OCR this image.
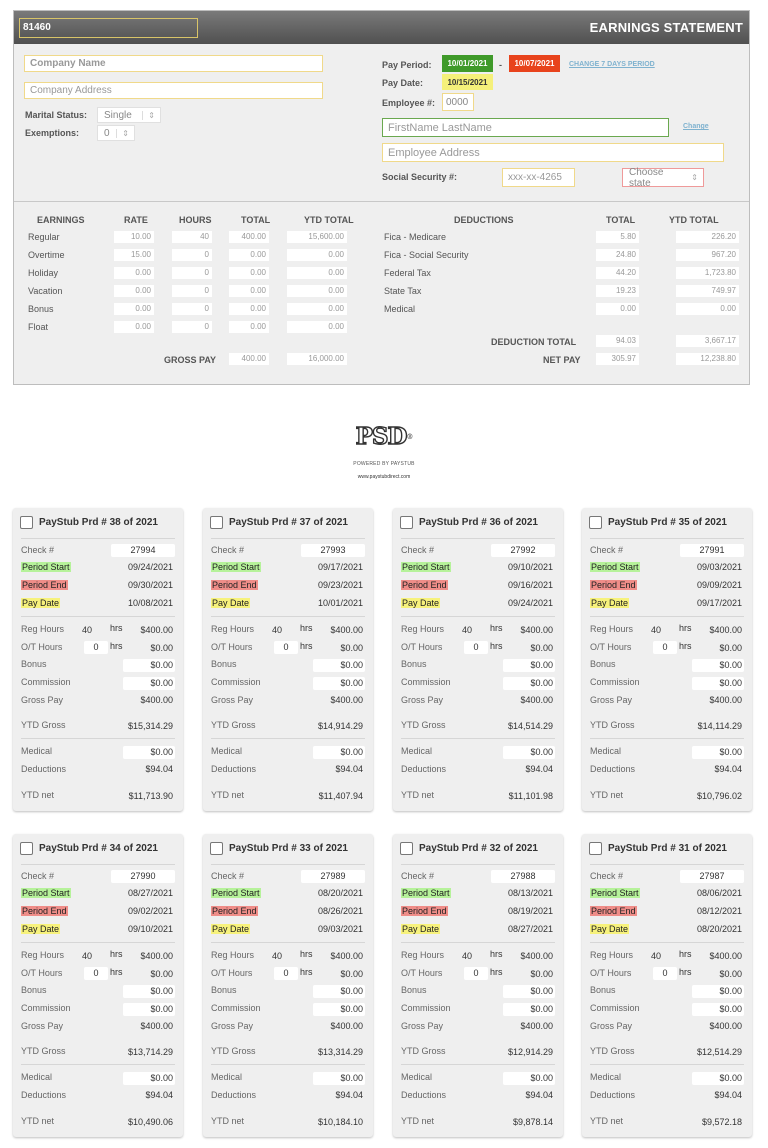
81460	EARNINGS STATEMENT
Company Name
Company Address
Marital Status: Single	⇕
Exemptions: 0	⇕
Pay Period:	10/01/2021	-	10/07/2021	CHANGE 7 DAYS PERIOD
Pay Date:	10/15/2021
Employee #:	0000
FirstName LastName	Change
Employee Address
Social Security #:	xxx-xx-4265	Choose state	⇕
EARNINGS	RATE	HOURS	TOTAL	YTD TOTAL
Regular	10.00	40	400.00	15,600.00
Overtime	15.00	0	0.00	0.00
Holiday	0.00	0	0.00	0.00
Vacation	0.00	0	0.00	0.00
Bonus	0.00	0	0.00	0.00
Float	0.00	0	0.00	0.00
GROSS PAY	400.00	16,000.00
DEDUCTIONS	TOTAL	YTD TOTAL
Fica - Medicare	5.80	226.20
Fica - Social Security	24.80	967.20
Federal Tax	44.20	1,723.80
State Tax	19.23	749.97
Medical	0.00	0.00
DEDUCTION TOTAL	94.03	3,667.17
NET PAY	305.97	12,238.80
PSD®
POWERED BY PAYSTUB
www.paystubdirect.com
PayStub Prd # 38 of 2021
Check #	27994
Period Start	09/24/2021
Period End	09/30/2021
Pay Date	10/08/2021
Reg Hours 40 hrs $400.00
O/T Hours	0	hrs	$0.00
Bonus	$0.00
Commission	$0.00
Gross Pay	$400.00
YTD Gross	$15,314.29
Medical	$0.00
Deductions	$94.04
YTD net	$11,713.90
PayStub Prd # 37 of 2021
Check #	27993
Period Start	09/17/2021
Period End	09/23/2021
Pay Date	10/01/2021
Reg Hours 40 hrs $400.00
O/T Hours	0	hrs	$0.00
Bonus	$0.00
Commission	$0.00
Gross Pay	$400.00
YTD Gross	$14,914.29
Medical	$0.00
Deductions	$94.04
YTD net	$11,407.94
PayStub Prd # 36 of 2021
Check #	27992
Period Start	09/10/2021
Period End	09/16/2021
Pay Date	09/24/2021
Reg Hours 40 hrs $400.00
O/T Hours	0	hrs	$0.00
Bonus	$0.00
Commission	$0.00
Gross Pay	$400.00
YTD Gross	$14,514.29
Medical	$0.00
Deductions	$94.04
YTD net	$11,101.98
PayStub Prd # 35 of 2021
Check #	27991
Period Start	09/03/2021
Period End	09/09/2021
Pay Date	09/17/2021
Reg Hours 40 hrs $400.00
O/T Hours	0	hrs	$0.00
Bonus	$0.00
Commission	$0.00
Gross Pay	$400.00
YTD Gross	$14,114.29
Medical	$0.00
Deductions	$94.04
YTD net	$10,796.02
PayStub Prd # 34 of 2021
Check #	27990
Period Start	08/27/2021
Period End	09/02/2021
Pay Date	09/10/2021
Reg Hours 40 hrs $400.00
O/T Hours	0	hrs	$0.00
Bonus	$0.00
Commission	$0.00
Gross Pay	$400.00
YTD Gross	$13,714.29
Medical	$0.00
Deductions	$94.04
YTD net	$10,490.06
PayStub Prd # 33 of 2021
Check #	27989
Period Start	08/20/2021
Period End	08/26/2021
Pay Date	09/03/2021
Reg Hours 40 hrs $400.00
O/T Hours	0	hrs	$0.00
Bonus	$0.00
Commission	$0.00
Gross Pay	$400.00
YTD Gross	$13,314.29
Medical	$0.00
Deductions	$94.04
YTD net	$10,184.10
PayStub Prd # 32 of 2021
Check #	27988
Period Start	08/13/2021
Period End	08/19/2021
Pay Date	08/27/2021
Reg Hours 40 hrs $400.00
O/T Hours	0	hrs	$0.00
Bonus	$0.00
Commission	$0.00
Gross Pay	$400.00
YTD Gross	$12,914.29
Medical	$0.00
Deductions	$94.04
YTD net	$9,878.14
PayStub Prd # 31 of 2021
Check #	27987
Period Start	08/06/2021
Period End	08/12/2021
Pay Date	08/20/2021
Reg Hours 40 hrs $400.00
O/T Hours	0	hrs	$0.00
Bonus	$0.00
Commission	$0.00
Gross Pay	$400.00
YTD Gross	$12,514.29
Medical	$0.00
Deductions	$94.04
YTD net	$9,572.18
